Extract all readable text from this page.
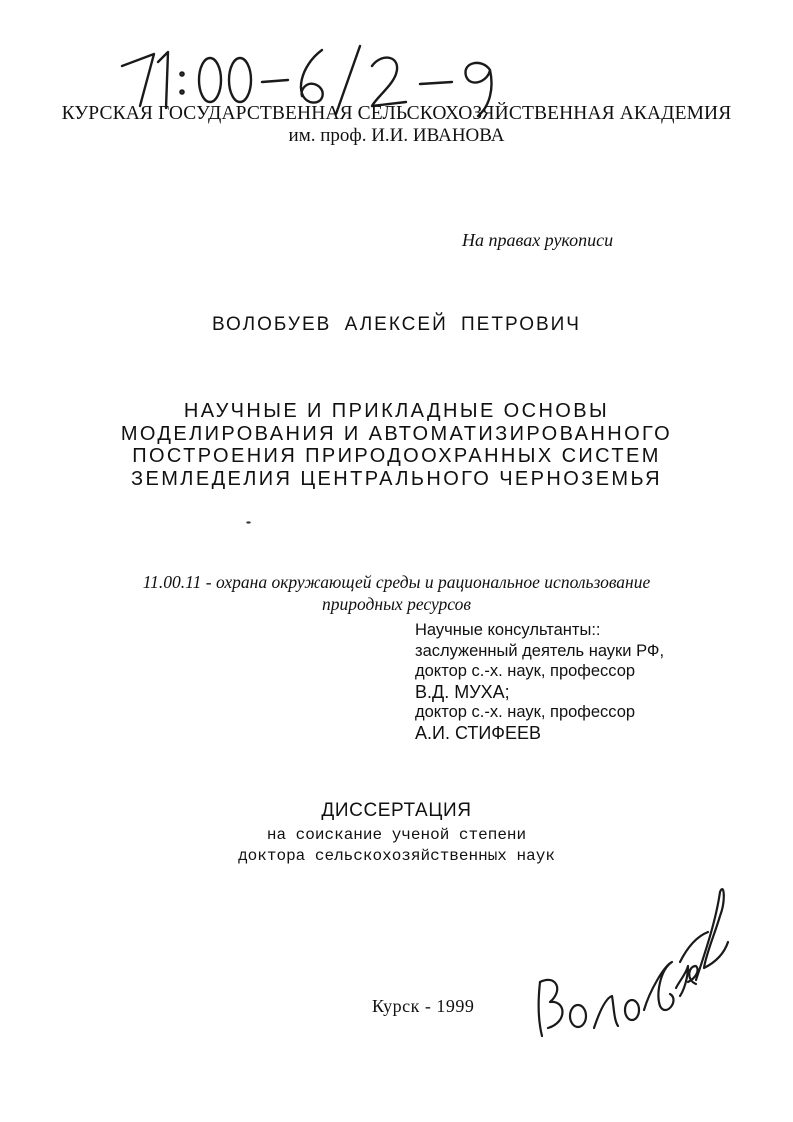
КУРСКАЯ ГОСУДАРСТВЕННАЯ СЕЛЬСКОХОЗЯЙСТВЕННАЯ АКАДЕМИЯ
им. проф. И.И. ИВАНОВА
На правах рукописи
ВОЛОБУЕВ АЛЕКСЕЙ ПЕТРОВИЧ
НАУЧНЫЕ И ПРИКЛАДНЫЕ ОСНОВЫ
МОДЕЛИРОВАНИЯ И АВТОМАТИЗИРОВАННОГО
ПОСТРОЕНИЯ ПРИРОДООХРАННЫХ СИСТЕМ
ЗЕМЛЕДЕЛИЯ ЦЕНТРАЛЬНОГО ЧЕРНОЗЕМЬЯ
11.00.11 - охрана окружающей среды и рациональное использование
природных ресурсов
Научные консультанты::
заслуженный деятель науки РФ,
доктор с.-х. наук, профессор
В.Д. МУХА;
доктор с.-х. наук, профессор
А.И. СТИФЕЕВ
ДИССЕРТАЦИЯ
на соискание ученой степени
доктора сельскохозяйственных наук
Курск - 1999
